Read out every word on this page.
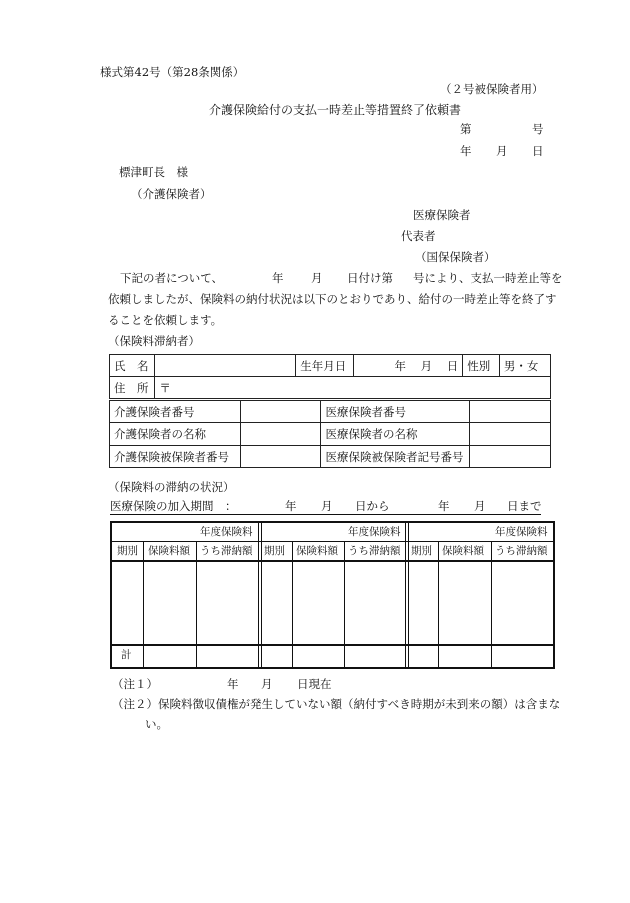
様式第42号（第28条関係）
（２号被保険者用）
介護保険給付の支払一時差止等措置終了依頼書
第	号
年 月 日
標津町長　様
（介護保険者）
医療保険者
代表者
（国保保険者）
下記の者について、	年 月 日付け第 号により、支払一時差止等を
依頼しましたが、保険料の納付状況は以下のとおりであり、給付の一時差止等を終了す
ることを依頼します。
（保険料滞納者）
氏　名		生年月日	年 月 日	性別	男・女
住　所	〒				
介護保険者番号		医療保険者番号	
介護保険者の名称		医療保険者の名称	
介護保険被保険者番号		医療保険被保険者記号番号	
（保険料の滞納の状況）
医療保険の加入期間　：	年 月 日から	年 月 日まで
年度保険料	年度保険料	年度保険料
期別 保険料額 うち滞納額 期別 保険料額 うち滞納額 期別 保険料額 うち滞納額
計
（注１）	年 月 日現在
（注２） 保険料徴収債権が発生していない額（納付すべき時期が未到来の額）は含まな
い。
